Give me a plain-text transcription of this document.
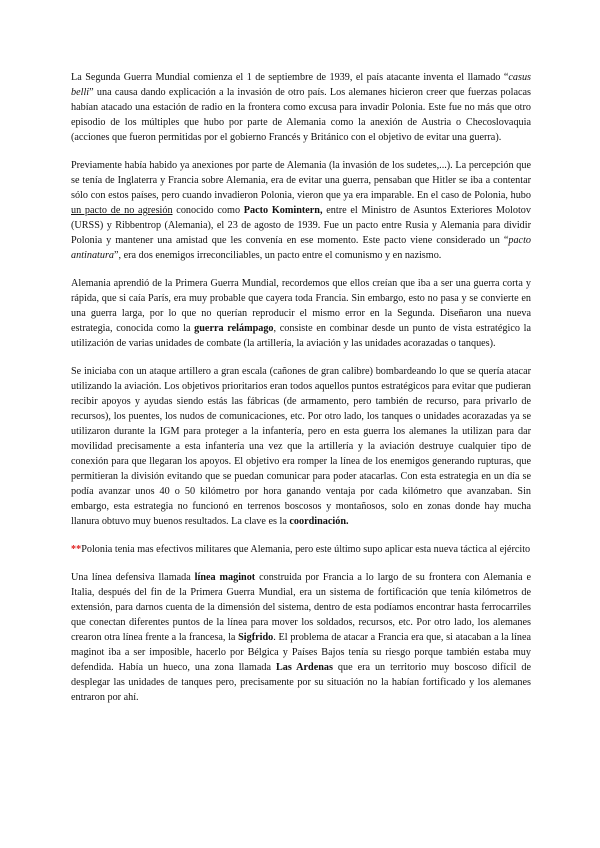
La Segunda Guerra Mundial comienza el 1 de septiembre de 1939, el país atacante inventa el llamado “casus belli” una causa dando explicación a la invasión de otro país. Los alemanes hicieron creer que fuerzas polacas habían atacado una estación de radio en la frontera como excusa para invadir Polonia. Este fue no más que otro episodio de los múltiples que hubo por parte de Alemania como la anexión de Austria o Checoslovaquia (acciones que fueron permitidas por el gobierno Francés y Británico con el objetivo de evitar una guerra).

Previamente había habido ya anexiones por parte de Alemania (la invasión de los sudetes,...). La percepción que se tenía de Inglaterra y Francia sobre Alemania, era de evitar una guerra, pensaban que Hitler se iba a contentar sólo con estos países, pero cuando invadieron Polonia, vieron que ya era imparable. En el caso de Polonia, hubo un pacto de no agresión conocido como Pacto Komintern, entre el Ministro de Asuntos Exteriores Molotov (URSS) y Ribbentrop (Alemania), el 23 de agosto de 1939. Fue un pacto entre Rusia y Alemania para dividir Polonia y mantener una amistad que les convenía en ese momento. Este pacto viene considerado un “pacto antinatura”, era dos enemigos irreconciliables, un pacto entre el comunismo y en nazismo.

Alemania aprendió de la Primera Guerra Mundial, recordemos que ellos creían que iba a ser una guerra corta y rápida, que si caía París, era muy probable que cayera toda Francia. Sin embargo, esto no pasa y se convierte en una guerra larga, por lo que no querían reproducir el mismo error en la Segunda. Diseñaron una nueva estrategia, conocida como la guerra relámpago, consiste en combinar desde un punto de vista estratégico la utilización de varias unidades de combate (la artillería, la aviación y las unidades acorazadas o tanques).

Se iniciaba con un ataque artillero a gran escala (cañones de gran calibre) bombardeando lo que se quería atacar utilizando la aviación. Los objetivos prioritarios eran todos aquellos puntos estratégicos para evitar que pudieran recibir apoyos y ayudas siendo estás las fábricas (de armamento, pero también de recurso, para privarlo de recursos), los puentes, los nudos de comunicaciones, etc. Por otro lado, los tanques o unidades acorazadas ya se utilizaron durante la IGM para proteger a la infantería, pero en esta guerra los alemanes la utilizan para dar movilidad precisamente a esta infantería una vez que la artillería y la aviación destruye cualquier tipo de conexión para que llegaran los apoyos. El objetivo era romper la línea de los enemigos generando rupturas, que permitieran la división evitando que se puedan comunicar para poder atacarlas. Con esta estrategia en un día se podía avanzar unos 40 o 50 kilómetro por hora ganando ventaja por cada kilómetro que avanzaban. Sin embargo, esta estrategia no funcionó en terrenos boscosos y montañosos, solo en zonas donde hay mucha llanura obtuvo muy buenos resultados. La clave es la coordinación.

**Polonia tenia mas efectivos militares que Alemania, pero este último supo aplicar esta nueva táctica al ejército

Una línea defensiva llamada línea maginot construida por Francia a lo largo de su frontera con Alemania e Italia, después del fin de la Primera Guerra Mundial, era un sistema de fortificación que tenía kilómetros de extensión, para darnos cuenta de la dimensión del sistema, dentro de esta podíamos encontrar hasta ferrocarriles que conectan diferentes puntos de la línea para mover los soldados, recursos, etc. Por otro lado, los alemanes crearon otra línea frente a la francesa, la Sigfrido. El problema de atacar a Francia era que, si atacaban a la línea maginot iba a ser imposible, hacerlo por Bélgica y Países Bajos tenía su riesgo porque también estaba muy defendida. Había un hueco, una zona llamada Las Ardenas que era un territorio muy boscoso difícil de desplegar las unidades de tanques pero, precisamente por su situación no la habían fortificado y los alemanes entraron por ahí.
